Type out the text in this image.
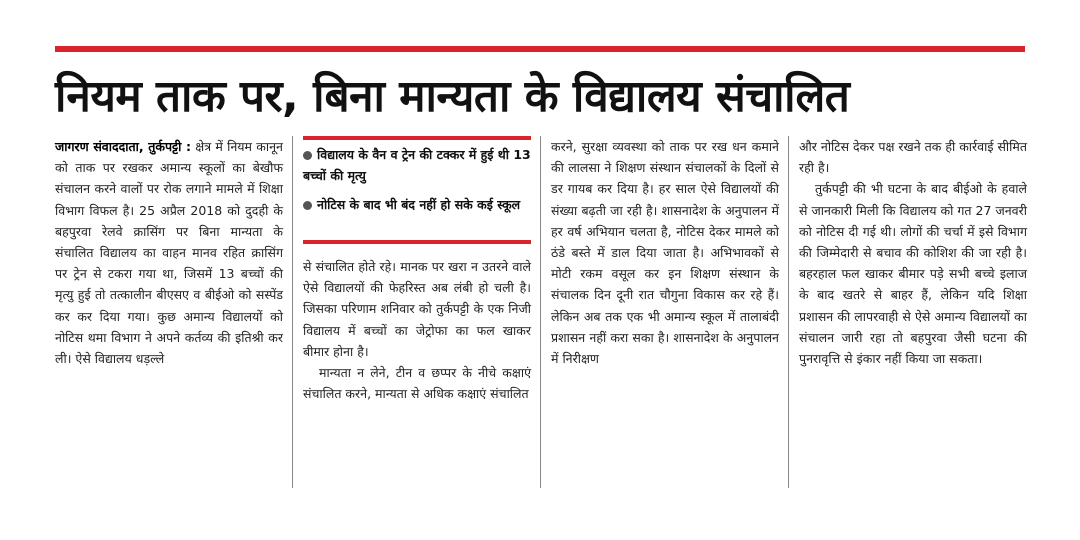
नियम ताक पर, बिना मान्यता के विद्यालय संचालित

जागरण संवाददाता, तुर्कपट्टी : क्षेत्र में नियम कानून को ताक पर रखकर अमान्य स्कूलों का बेखौफ संचालन करने वालों पर रोक लगाने मामले में शिक्षा विभाग विफल है। 25 अप्रैल 2018 को दुदही के बहपुरवा रेलवे क्रासिंग पर बिना मान्यता के संचालित विद्यालय का वाहन मानव रहित क्रासिंग पर ट्रेन से टकरा गया था, जिसमें 13 बच्चों की मृत्यु हुई तो तत्कालीन बीएसए व बीईओ को सस्पेंड कर कर दिया गया। कुछ अमान्य विद्यालयों को नोटिस थमा विभाग ने अपने कर्तव्य की इतिश्री कर ली। ऐसे विद्यालय धड़ल्ले

विद्यालय के वैन व ट्रेन की टक्कर में हुई थी 13 बच्चों की मृत्यु
नोटिस के बाद भी बंद नहीं हो सके कई स्कूल

से संचालित होते रहे। मानक पर खरा न उतरने वाले ऐसे विद्यालयों की फेहरिस्त अब लंबी हो चली है। जिसका परिणाम शनिवार को तुर्कपट्टी के एक निजी विद्यालय में बच्चों का जेट्रोफा का फल खाकर बीमार होना है।

मान्यता न लेने, टीन व छप्पर के नीचे कक्षाएं संचालित करने, मान्यता से अधिक कक्षाएं संचालित

करने, सुरक्षा व्यवस्था को ताक पर रख धन कमाने की लालसा ने शिक्षण संस्थान संचालकों के दिलों से डर गायब कर दिया है। हर साल ऐसे विद्यालयों की संख्या बढ़ती जा रही है। शासनादेश के अनुपालन में हर वर्ष अभियान चलता है, नोटिस देकर मामले को ठंडे बस्ते में डाल दिया जाता है। अभिभावकों से मोटी रकम वसूल कर इन शिक्षण संस्थान के संचालक दिन दूनी रात चौगुना विकास कर रहे हैं। लेकिन अब तक एक भी अमान्य स्कूल में तालाबंदी प्रशासन नहीं करा सका है। शासनादेश के अनुपालन में निरीक्षण

और नोटिस देकर पक्ष रखने तक ही कार्रवाई सीमित रही है।

तुर्कपट्टी की भी घटना के बाद बीईओ के हवाले से जानकारी मिली कि विद्यालय को गत 27 जनवरी को नोटिस दी गई थी। लोगों की चर्चा में इसे विभाग की जिम्मेदारी से बचाव की कोशिश की जा रही है। बहरहाल फल खाकर बीमार पड़े सभी बच्चे इलाज के बाद खतरे से बाहर हैं, लेकिन यदि शिक्षा प्रशासन की लापरवाही से ऐसे अमान्य विद्यालयों का संचालन जारी रहा तो बहपुरवा जैसी घटना की पुनरावृत्ति से इंकार नहीं किया जा सकता।
